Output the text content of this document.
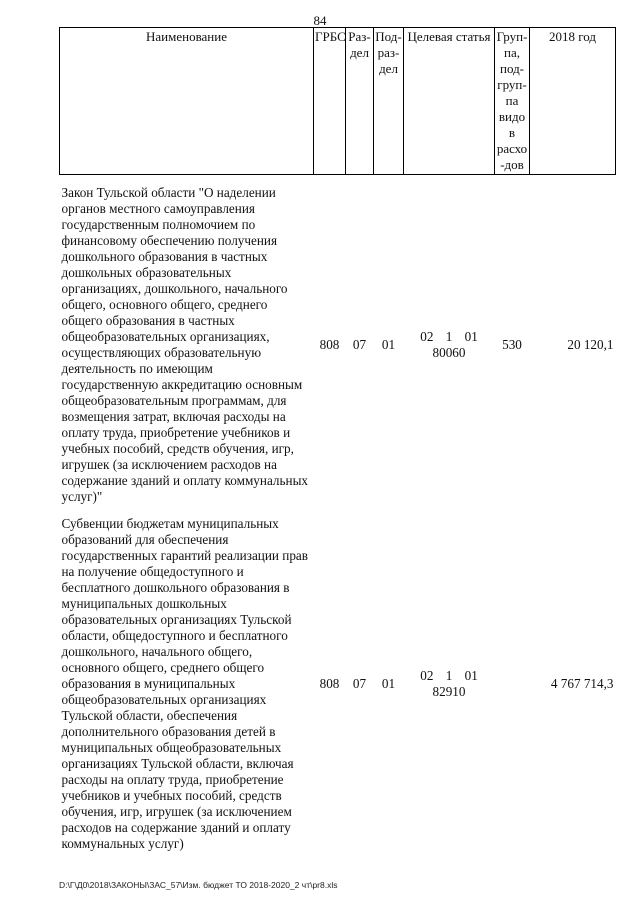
84
Наименование	ГРБС	Раз-дел	Под-раз-дел	Целевая статья	Груп-па, под-груп-па видов расхо-дов	2018 год
Закон Тульской области "О наделении органов местного самоуправления государственным полномочием по финансовому обеспечению получения дошкольного образования в частных дошкольных образовательных организациях, дошкольного, начального общего, основного общего, среднего общего образования в частных общеобразовательных организациях, осуществляющих образовательную деятельность по имеющим государственную аккредитацию основным общеобразовательным программам, для возмещения затрат, включая расходы на оплату труда, приобретение учебников и учебных пособий, средств обучения, игр, игрушек (за исключением расходов на содержание зданий и оплату коммунальных услуг)"	808	07	01	02 1 01 80060	530	20 120,1
Субвенции бюджетам муниципальных образований для обеспечения государственных гарантий реализации прав на получение общедоступного и бесплатного дошкольного образования в муниципальных дошкольных образовательных организациях Тульской области, общедоступного и бесплатного дошкольного, начального общего, основного общего, среднего общего образования в муниципальных общеобразовательных организациях Тульской области, обеспечения дополнительного образования детей в муниципальных общеобразовательных организациях Тульской области, включая расходы на оплату труда, приобретение учебников и учебных пособий, средств обучения, игр, игрушек (за исключением расходов на содержание зданий и оплату коммунальных услуг)	808	07	01	02 1 01 82910		4 767 714,3
D:\Г\Д0\2018\ЗАКОНЫ\ЗАС_57\Изм. бюджет ТО 2018-2020_2 чт\pr8.xls
